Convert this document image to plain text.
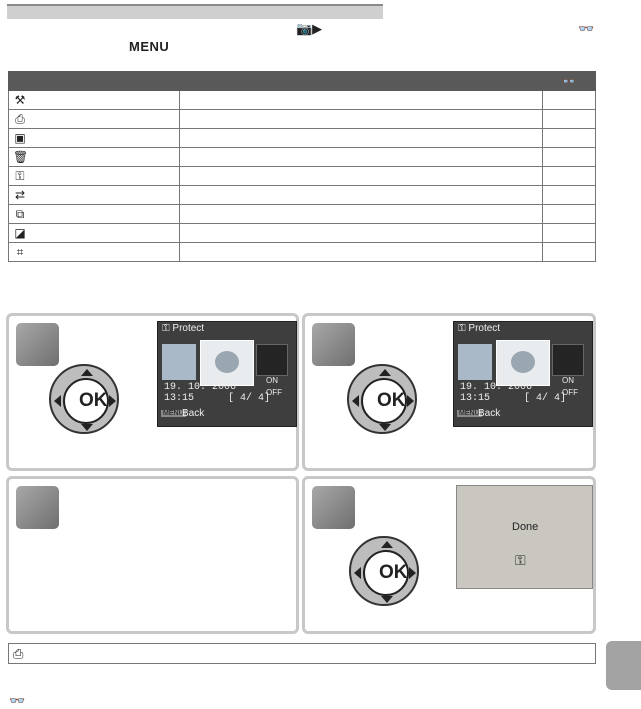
📷▶	👓
MENU
		👓
⚒		
⎙		
▣		
🗑		
⚿		
⇄		
⧉		
◪		
⌗		
OK
⚿ Protect
ON
OFF
19. 10. 2006
13:15	[ 4/ 4]
MENU
Back
OK
⚿ Protect
ON
OFF
19. 10. 2006
13:15	[ 4/ 4]
MENU
Back
OK
Done
⚿
⎙
👓
